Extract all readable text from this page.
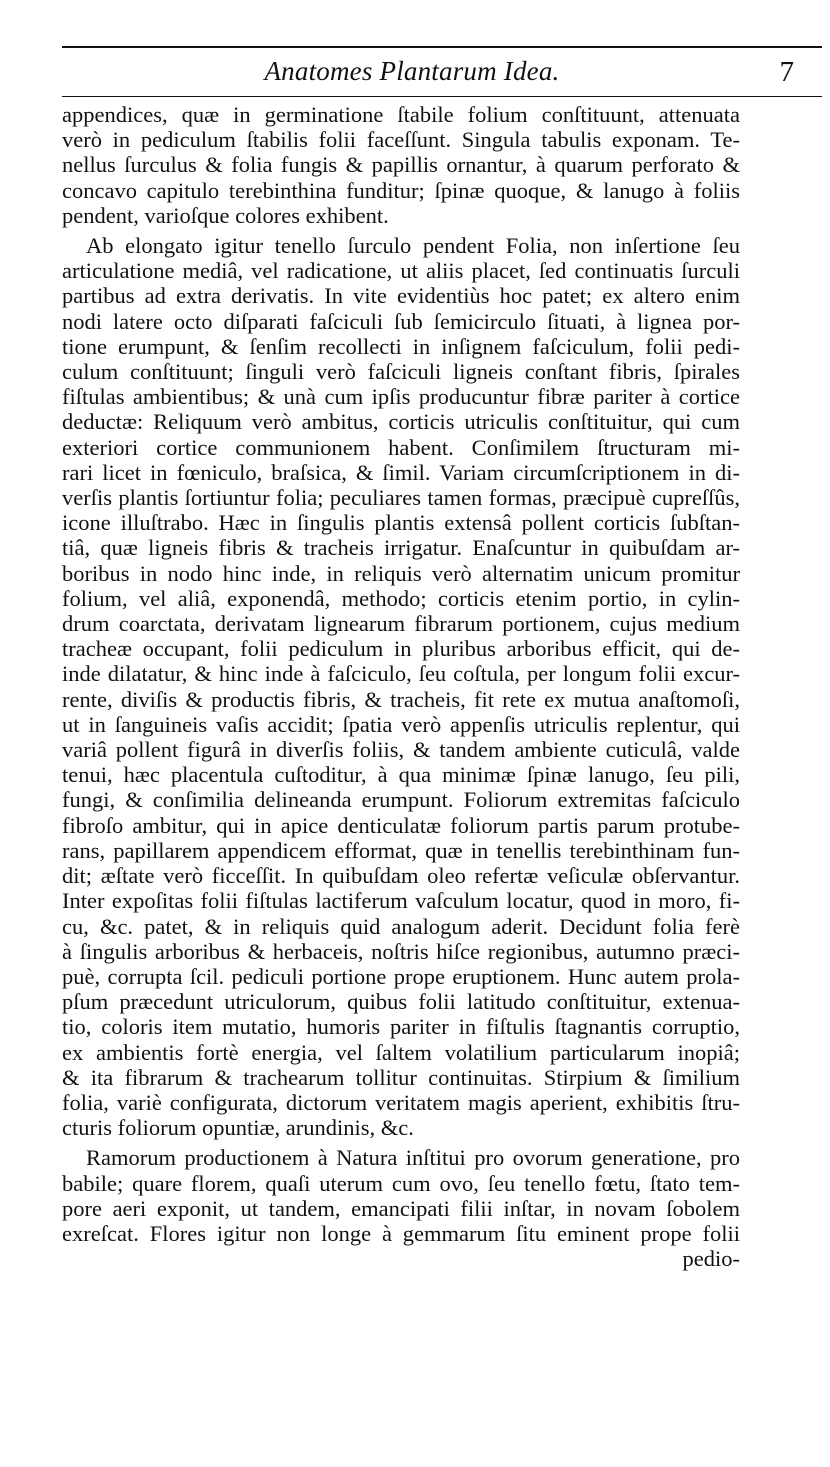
Anatomes Plantarum Idea.	7
appendices, quæ in germinatione ſtabile folium conſtituunt, attenuata
verò in pediculum ſtabilis folii faceſſunt. Singula tabulis exponam. Te-
nellus ſurculus & folia fungis & papillis ornantur, à quarum perforato &
concavo capitulo terebinthina funditur; ſpinæ quoque, & lanugo à foliis
pendent, varioſque colores exhibent.
Ab elongato igitur tenello ſurculo pendent Folia, non inſertione ſeu
articulatione mediâ, vel radicatione, ut aliis placet, ſed continuatis ſurculi
partibus ad extra derivatis. In vite evidentiùs hoc patet; ex altero enim
nodi latere octo diſparati faſciculi ſub ſemicirculo ſituati, à lignea por-
tione erumpunt, & ſenſim recollecti in inſignem faſciculum, folii pedi-
culum conſtituunt; ſinguli verò faſciculi ligneis conſtant fibris, ſpirales
fiſtulas ambientibus; & unà cum ipſis producuntur fibræ pariter à cortice
deductæ: Reliquum verò ambitus, corticis utriculis conſtituitur, qui cum
exteriori cortice communionem habent. Conſimilem ſtructuram mi-
rari licet in fœniculo, braſsica, & ſimil. Variam circumſcriptionem in di-
verſis plantis ſortiuntur folia; peculiares tamen formas, præcipuè cupreſſûs,
icone illuſtrabo. Hæc in ſingulis plantis extensâ pollent corticis ſubſtan-
tiâ, quæ ligneis fibris & tracheis irrigatur. Enaſcuntur in quibuſdam ar-
boribus in nodo hinc inde, in reliquis verò alternatim unicum promitur
folium, vel aliâ, exponendâ, methodo; corticis etenim portio, in cylin-
drum coarctata, derivatam lignearum fibrarum portionem, cujus medium
tracheæ occupant, folii pediculum in pluribus arboribus efficit, qui de-
inde dilatatur, & hinc inde à faſciculo, ſeu coſtula, per longum folii excur-
rente, diviſis & productis fibris, & tracheis, fit rete ex mutua anaſtomoſi,
ut in ſanguineis vaſis accidit; ſpatia verò appenſis utriculis replentur, qui
variâ pollent figurâ in diverſis foliis, & tandem ambiente cuticulâ, valde
tenui, hæc placentula cuſtoditur, à qua minimæ ſpinæ lanugo, ſeu pili,
fungi, & conſimilia delineanda erumpunt. Foliorum extremitas faſciculo
fibroſo ambitur, qui in apice denticulatæ foliorum partis parum protube-
rans, papillarem appendicem efformat, quæ in tenellis terebinthinam fun-
dit; æſtate verò ficceſſit. In quibuſdam oleo refertæ veſiculæ obſervantur.
Inter expoſitas folii fiſtulas lactiferum vaſculum locatur, quod in moro, fi-
cu, &c. patet, & in reliquis quid analogum aderit. Decidunt folia ferè
à ſingulis arboribus & herbaceis, noſtris hiſce regionibus, autumno præci-
puè, corrupta ſcil. pediculi portione prope eruptionem. Hunc autem prola-
pſum præcedunt utriculorum, quibus folii latitudo conſtituitur, extenua-
tio, coloris item mutatio, humoris pariter in fiſtulis ſtagnantis corruptio,
ex ambientis fortè energia, vel ſaltem volatilium particularum inopiâ;
& ita fibrarum & trachearum tollitur continuitas. Stirpium & ſimilium
folia, variè configurata, dictorum veritatem magis aperient, exhibitis ſtru-
cturis foliorum opuntiæ, arundinis, &c.
Ramorum productionem à Natura inſtitui pro ovorum generatione, pro
babile; quare florem, quaſi uterum cum ovo, ſeu tenello fœtu, ſtato tem-
pore aeri exponit, ut tandem, emancipati filii inſtar, in novam ſobolem
exreſcat. Flores igitur non longe à gemmarum ſitu eminent prope folii
pedio-
